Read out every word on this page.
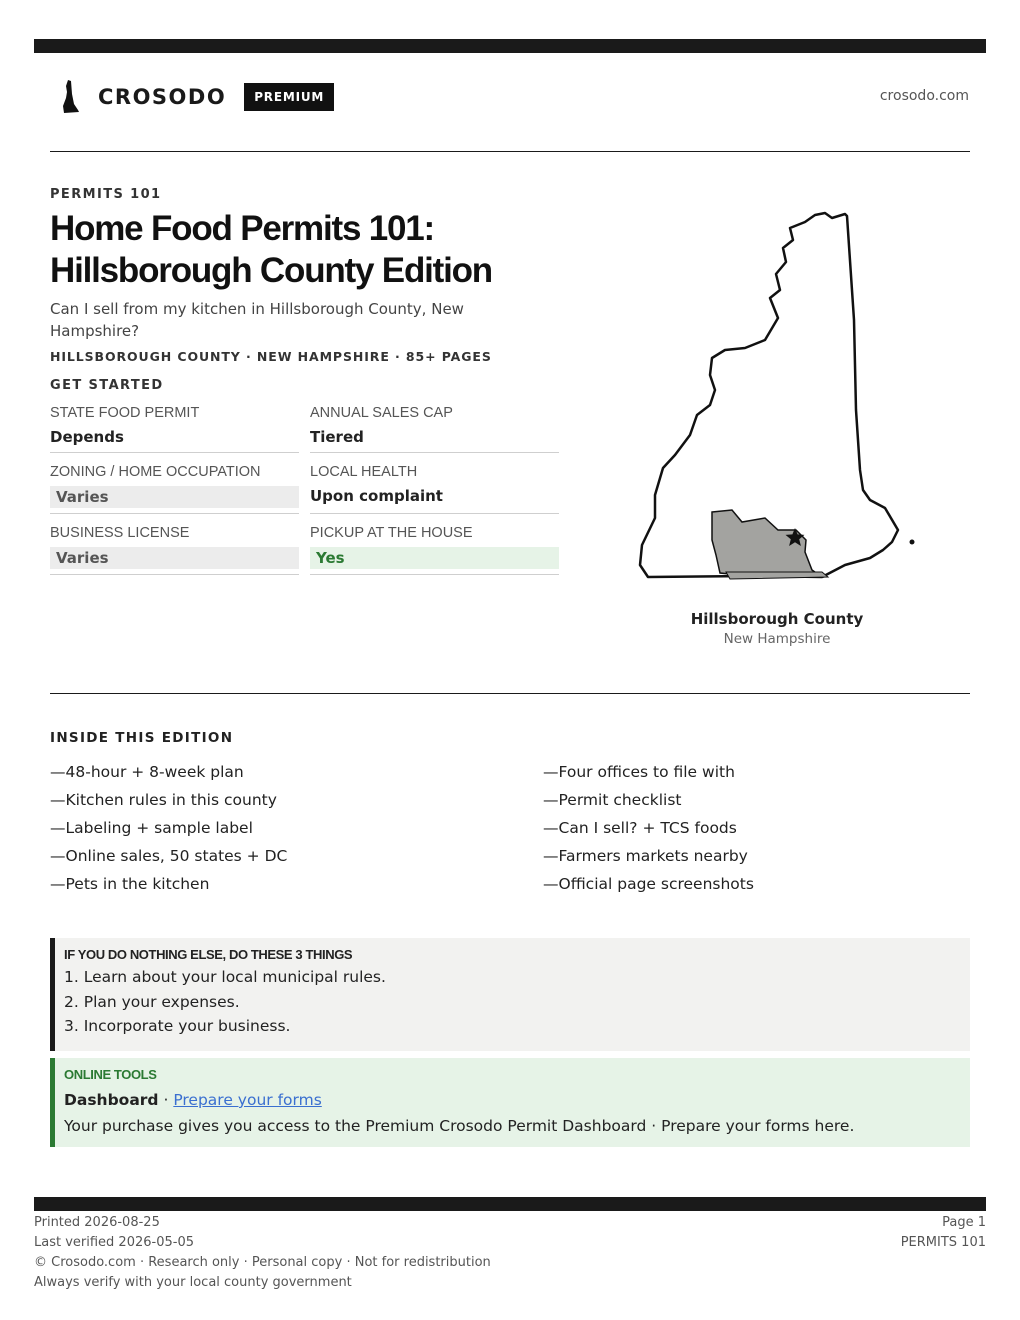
CROSODO	PREMIUM	crosodo.com
PERMITS 101
Home Food Permits 101:
Hillsborough County Edition

Can I sell from my kitchen in Hillsborough County, New Hampshire?

HILLSBOROUGH COUNTY · NEW HAMPSHIRE · 85+ PAGES
GET STARTED
STATE FOOD PERMIT
Depends
ANNUAL SALES CAP
Tiered
ZONING / HOME OCCUPATION
Varies
LOCAL HEALTH
Upon complaint
BUSINESS LICENSE
Varies
PICKUP AT THE HOUSE
Yes
Hillsborough County
New Hampshire
INSIDE THIS EDITION
—48-hour + 8-week plan
—Kitchen rules in this county
—Labeling + sample label
—Online sales, 50 states + DC
—Pets in the kitchen
—Four offices to file with
—Permit checklist
—Can I sell? + TCS foods
—Farmers markets nearby
—Official page screenshots
IF YOU DO NOTHING ELSE, DO THESE 3 THINGS
1. Learn about your local municipal rules.
2. Plan your expenses.
3. Incorporate your business.
ONLINE TOOLS
Dashboard · Prepare your forms
Your purchase gives you access to the Premium Crosodo Permit Dashboard · Prepare your forms here.
Printed 2026-08-25
Last verified 2026-05-05
© Crosodo.com · Research only · Personal copy · Not for redistribution
Always verify with your local county government
Page 1
PERMITS 101
